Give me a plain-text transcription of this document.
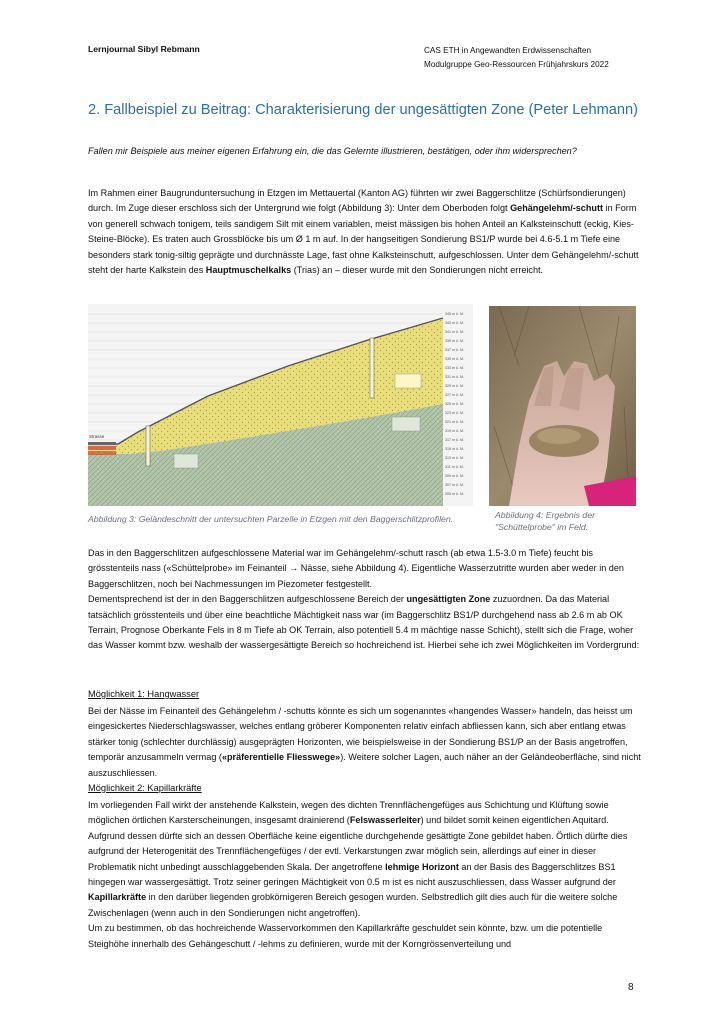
Lernjournal Sibyl Rebmann	CAS ETH in Angewandten Erdwissenschaften
Modulgruppe Geo-Ressourcen Frühjahrskurs 2022
2. Fallbeispiel zu Beitrag: Charakterisierung der ungesättigten Zone (Peter Lehmann)
Fallen mir Beispiele aus meiner eigenen Erfahrung ein, die das Gelernte illustrieren, bestätigen, oder ihm widersprechen?
Im Rahmen einer Baugrunduntersuchung in Etzgen im Mettauertal (Kanton AG) führten wir zwei Baggerschlitze (Schürfsondierungen) durch. Im Zuge dieser erschloss sich der Untergrund wie folgt (Abbildung 3): Unter dem Oberboden folgt Gehängelehm/-schutt in Form von generell schwach tonigem, teils sandigem Silt mit einem variablen, meist mässigen bis hohen Anteil an Kalksteinschutt (eckig, Kies-Steine-Blöcke). Es traten auch Grossblöcke bis um Ø 1 m auf. In der hangseitigen Sondierung BS1/P wurde bei 4.6-5.1 m Tiefe eine besonders stark tonig-siltig geprägte und durchnässte Lage, fast ohne Kalksteinschutt, aufgeschlossen. Unter dem Gehängelehm/-schutt steht der harte Kalkstein des Hauptmuschelkalks (Trias) an – dieser wurde mit den Sondierungen nicht erreicht.
Strasse
345 m ü. M.
343 m ü. M.
341 m ü. M.
339 m ü. M.
337 m ü. M.
335 m ü. M.
333 m ü. M.
331 m ü. M.
329 m ü. M.
327 m ü. M.
325 m ü. M.
323 m ü. M.
321 m ü. M.
319 m ü. M.
317 m ü. M.
315 m ü. M.
313 m ü. M.
311 m ü. M.
309 m ü. M.
307 m ü. M.
305 m ü. M.
Abbildung 3: Geländeschnitt der untersuchten Parzelle in Etzgen mit den Baggerschlitzprofilen.	Abbildung 4: Ergebnis der "Schüttelprobe" im Feld.
Das in den Baggerschlitzen aufgeschlossene Material war im Gehängelehm/-schutt rasch (ab etwa 1.5-3.0 m Tiefe) feucht bis grösstenteils nass («Schüttelprobe» im Feinanteil → Nässe, siehe Abbildung 4). Eigentliche Wasserzutritte wurden aber weder in den Baggerschlitzen, noch bei Nachmessungen im Piezometer festgestellt.
Dementsprechend ist der in den Baggerschlitzen aufgeschlossene Bereich der ungesättigten Zone zuzuordnen. Da das Material tatsächlich grösstenteils und über eine beachtliche Mächtigkeit nass war (im Baggerschlitz BS1/P durchgehend nass ab 2.6 m ab OK Terrain, Prognose Oberkante Fels in 8 m Tiefe ab OK Terrain, also potentiell 5.4 m mächtige nasse Schicht), stellt sich die Frage, woher das Wasser kommt bzw. weshalb der wassergesättigte Bereich so hochreichend ist. Hierbei sehe ich zwei Möglichkeiten im Vordergrund:
Möglichkeit 1: Hangwasser
Bei der Nässe im Feinanteil des Gehängelehm / -schutts könnte es sich um sogenanntes «hangendes Wasser» handeln, das heisst um eingesickertes Niederschlagswasser, welches entlang gröberer Komponenten relativ einfach abfliessen kann, sich aber entlang etwas stärker tonig (schlechter durchlässig) ausgeprägten Horizonten, wie beispielsweise in der Sondierung BS1/P an der Basis angetroffen, temporär anzusammeln vermag («präferentielle Fliesswege»). Weitere solcher Lagen, auch näher an der Geländeoberfläche, sind nicht auszuschliessen.
Möglichkeit 2: Kapillarkräfte
Im vorliegenden Fall wirkt der anstehende Kalkstein, wegen des dichten Trennflächengefüges aus Schichtung und Klüftung sowie möglichen örtlichen Karsterscheinungen, insgesamt drainierend (Felswasserleiter) und bildet somit keinen eigentlichen Aquitard. Aufgrund dessen dürfte sich an dessen Oberfläche keine eigentliche durchgehende gesättigte Zone gebildet haben. Örtlich dürfte dies aufgrund der Heterogenität des Trennflächengefüges / der evtl. Verkarstungen zwar möglich sein, allerdings auf einer in dieser Problematik nicht unbedingt ausschlaggebenden Skala. Der angetroffene lehmige Horizont an der Basis des Baggerschlitzes BS1 hingegen war wassergesättigt. Trotz seiner geringen Mächtigkeit von 0.5 m ist es nicht auszuschliessen, dass Wasser aufgrund der Kapillarkräfte in den darüber liegenden grobkörnigeren Bereich gesogen wurden. Selbstredlich gilt dies auch für die weitere solche Zwischenlagen (wenn auch in den Sondierungen nicht angetroffen).
Um zu bestimmen, ob das hochreichende Wasservorkommen den Kapillarkräfte geschuldet sein könnte, bzw. um die potentielle Steighöhe innerhalb des Gehängeschutt / -lehms zu definieren, wurde mit der Korngrössenverteilung und
8
